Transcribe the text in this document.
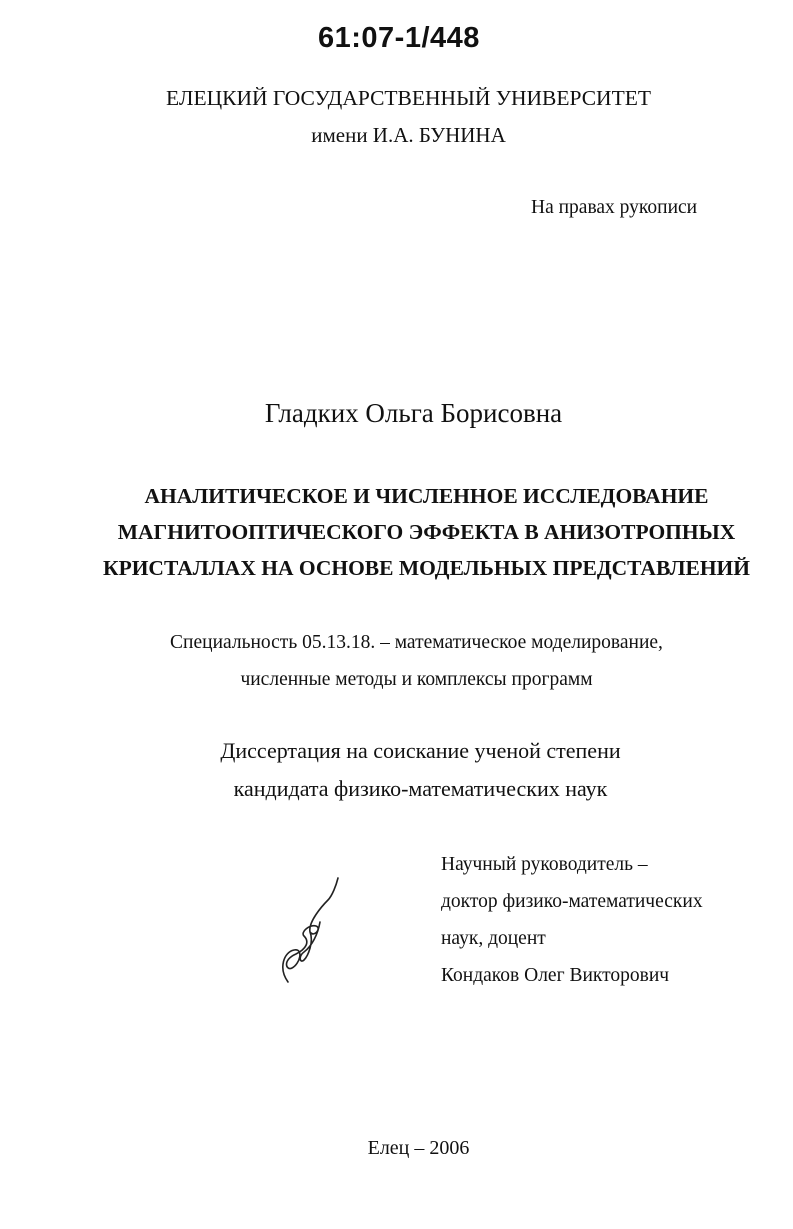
61:07-1/448
ЕЛЕЦКИЙ ГОСУДАРСТВЕННЫЙ УНИВЕРСИТЕТ
имени И.А. БУНИНА
На правах рукописи
Гладких Ольга Борисовна
АНАЛИТИЧЕСКОЕ И ЧИСЛЕННОЕ ИССЛЕДОВАНИЕ
МАГНИТООПТИЧЕСКОГО ЭФФЕКТА В АНИЗОТРОПНЫХ
КРИСТАЛЛАХ НА ОСНОВЕ МОДЕЛЬНЫХ ПРЕДСТАВЛЕНИЙ
Специальность 05.13.18. – математическое моделирование,
численные методы и комплексы программ
Диссертация на соискание ученой степени
кандидата физико-математических наук
Научный руководитель –
доктор физико-математических
наук, доцент
Кондаков Олег Викторович
Елец – 2006
